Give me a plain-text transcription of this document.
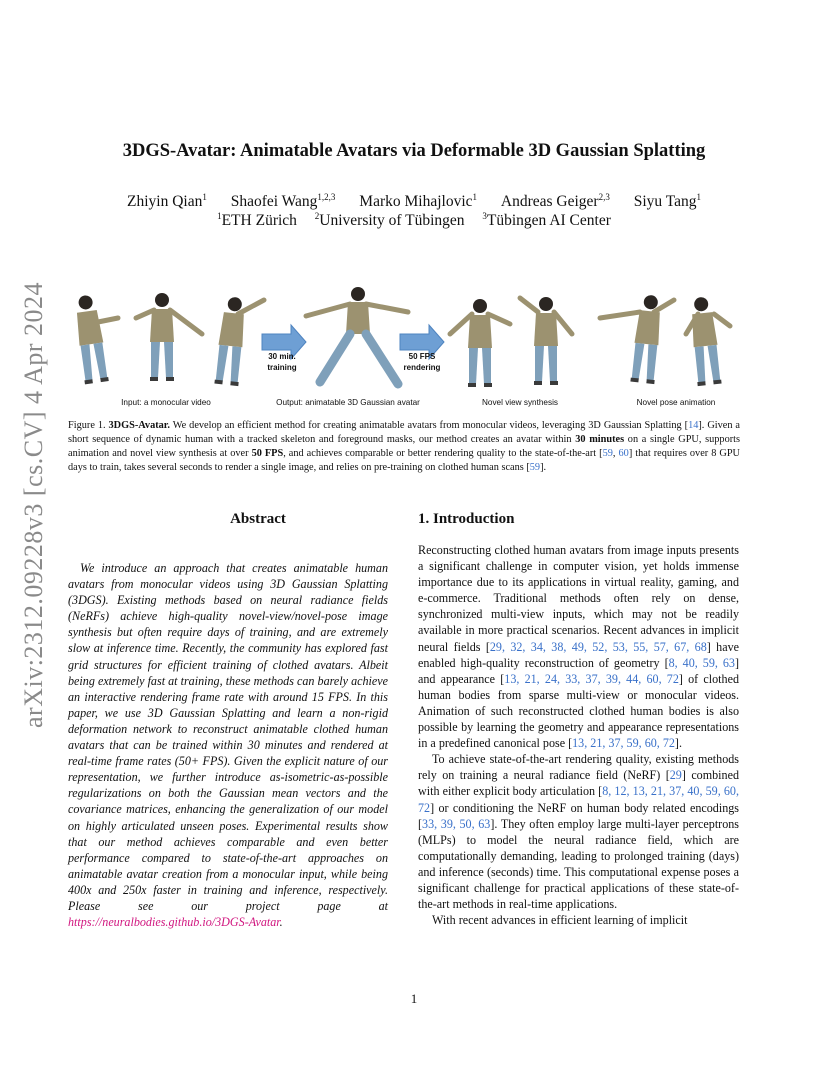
arXiv:2312.09228v3 [cs.CV] 4 Apr 2024
3DGS-Avatar: Animatable Avatars via Deformable 3D Gaussian Splatting
Zhiyin Qian$^1$ Shaofei Wang$^{1,2,3}$ Marko Mihajlovic$^1$ Andreas Geiger$^{2,3}$ Siyu Tang$^1$
$^1$ETH Zürich $^2$University of Tübingen $^3$Tübingen AI Center
30 min.
training
50 FPS
rendering
Input: a monocular video	Output: animatable 3D Gaussian avatar	Novel view synthesis	Novel pose animation

Figure 1. 3DGS-Avatar. We develop an efficient method for creating animatable avatars from monocular videos, leveraging 3D Gaussian Splatting [14]. Given a short sequence of dynamic human with a tracked skeleton and foreground masks, our method creates an avatar within 30 minutes on a single GPU, supports animation and novel view synthesis at over 50 FPS, and achieves comparable or better rendering quality to the state-of-the-art [59, 60] that requires over 8 GPU days to train, takes several seconds to render a single image, and relies on pre-training on clothed human scans [59].

Abstract	1. Introduction

We introduce an approach that creates animatable human avatars from monocular videos using 3D Gaussian Splatting (3DGS). Existing methods based on neural radiance fields (NeRFs) achieve high-quality novel-view/novel-pose image synthesis but often require days of training, and are extremely slow at inference time. Recently, the community has explored fast grid structures for efficient training of clothed avatars. Albeit being extremely fast at training, these methods can barely achieve an interactive rendering frame rate with around 15 FPS. In this paper, we use 3D Gaussian Splatting and learn a non-rigid deformation network to reconstruct animatable clothed human avatars that can be trained within 30 minutes and rendered at real-time frame rates (50+ FPS). Given the explicit nature of our representation, we further introduce as-isometric-as-possible regularizations on both the Gaussian mean vectors and the covariance matrices, enhancing the generalization of our model on highly articulated unseen poses. Experimental results show that our method achieves comparable and even better performance compared to state-of-the-art approaches on animatable avatar creation from a monocular input, while being 400x and 250x faster in training and inference, respectively. Please see our project page at https://neuralbodies.github.io/3DGS-Avatar.

Reconstructing clothed human avatars from image inputs presents a significant challenge in computer vision, yet holds immense importance due to its applications in virtual reality, gaming, and e-commerce. Traditional methods often rely on dense, synchronized multi-view inputs, which may not be readily available in more practical scenarios. Recent advances in implicit neural fields [29, 32, 34, 38, 49, 52, 53, 55, 57, 67, 68] have enabled high-quality reconstruction of geometry [8, 40, 59, 63] and appearance [13, 21, 24, 33, 37, 39, 44, 60, 72] of clothed human bodies from sparse multi-view or monocular videos. Animation of such reconstructed clothed human bodies is also possible by learning the geometry and appearance representations in a predefined canonical pose [13, 21, 37, 59, 60, 72].

To achieve state-of-the-art rendering quality, existing methods rely on training a neural radiance field (NeRF) [29] combined with either explicit body articulation [8, 12, 13, 21, 37, 40, 59, 60, 72] or conditioning the NeRF on human body related encodings [33, 39, 50, 63]. They often employ large multi-layer perceptrons (MLPs) to model the neural radiance field, which are computationally demanding, leading to prolonged training (days) and inference (seconds) time. This computational expense poses a significant challenge for practical applications of these state-of-the-art methods in real-time applications.

With recent advances in efficient learning of implicit

1
